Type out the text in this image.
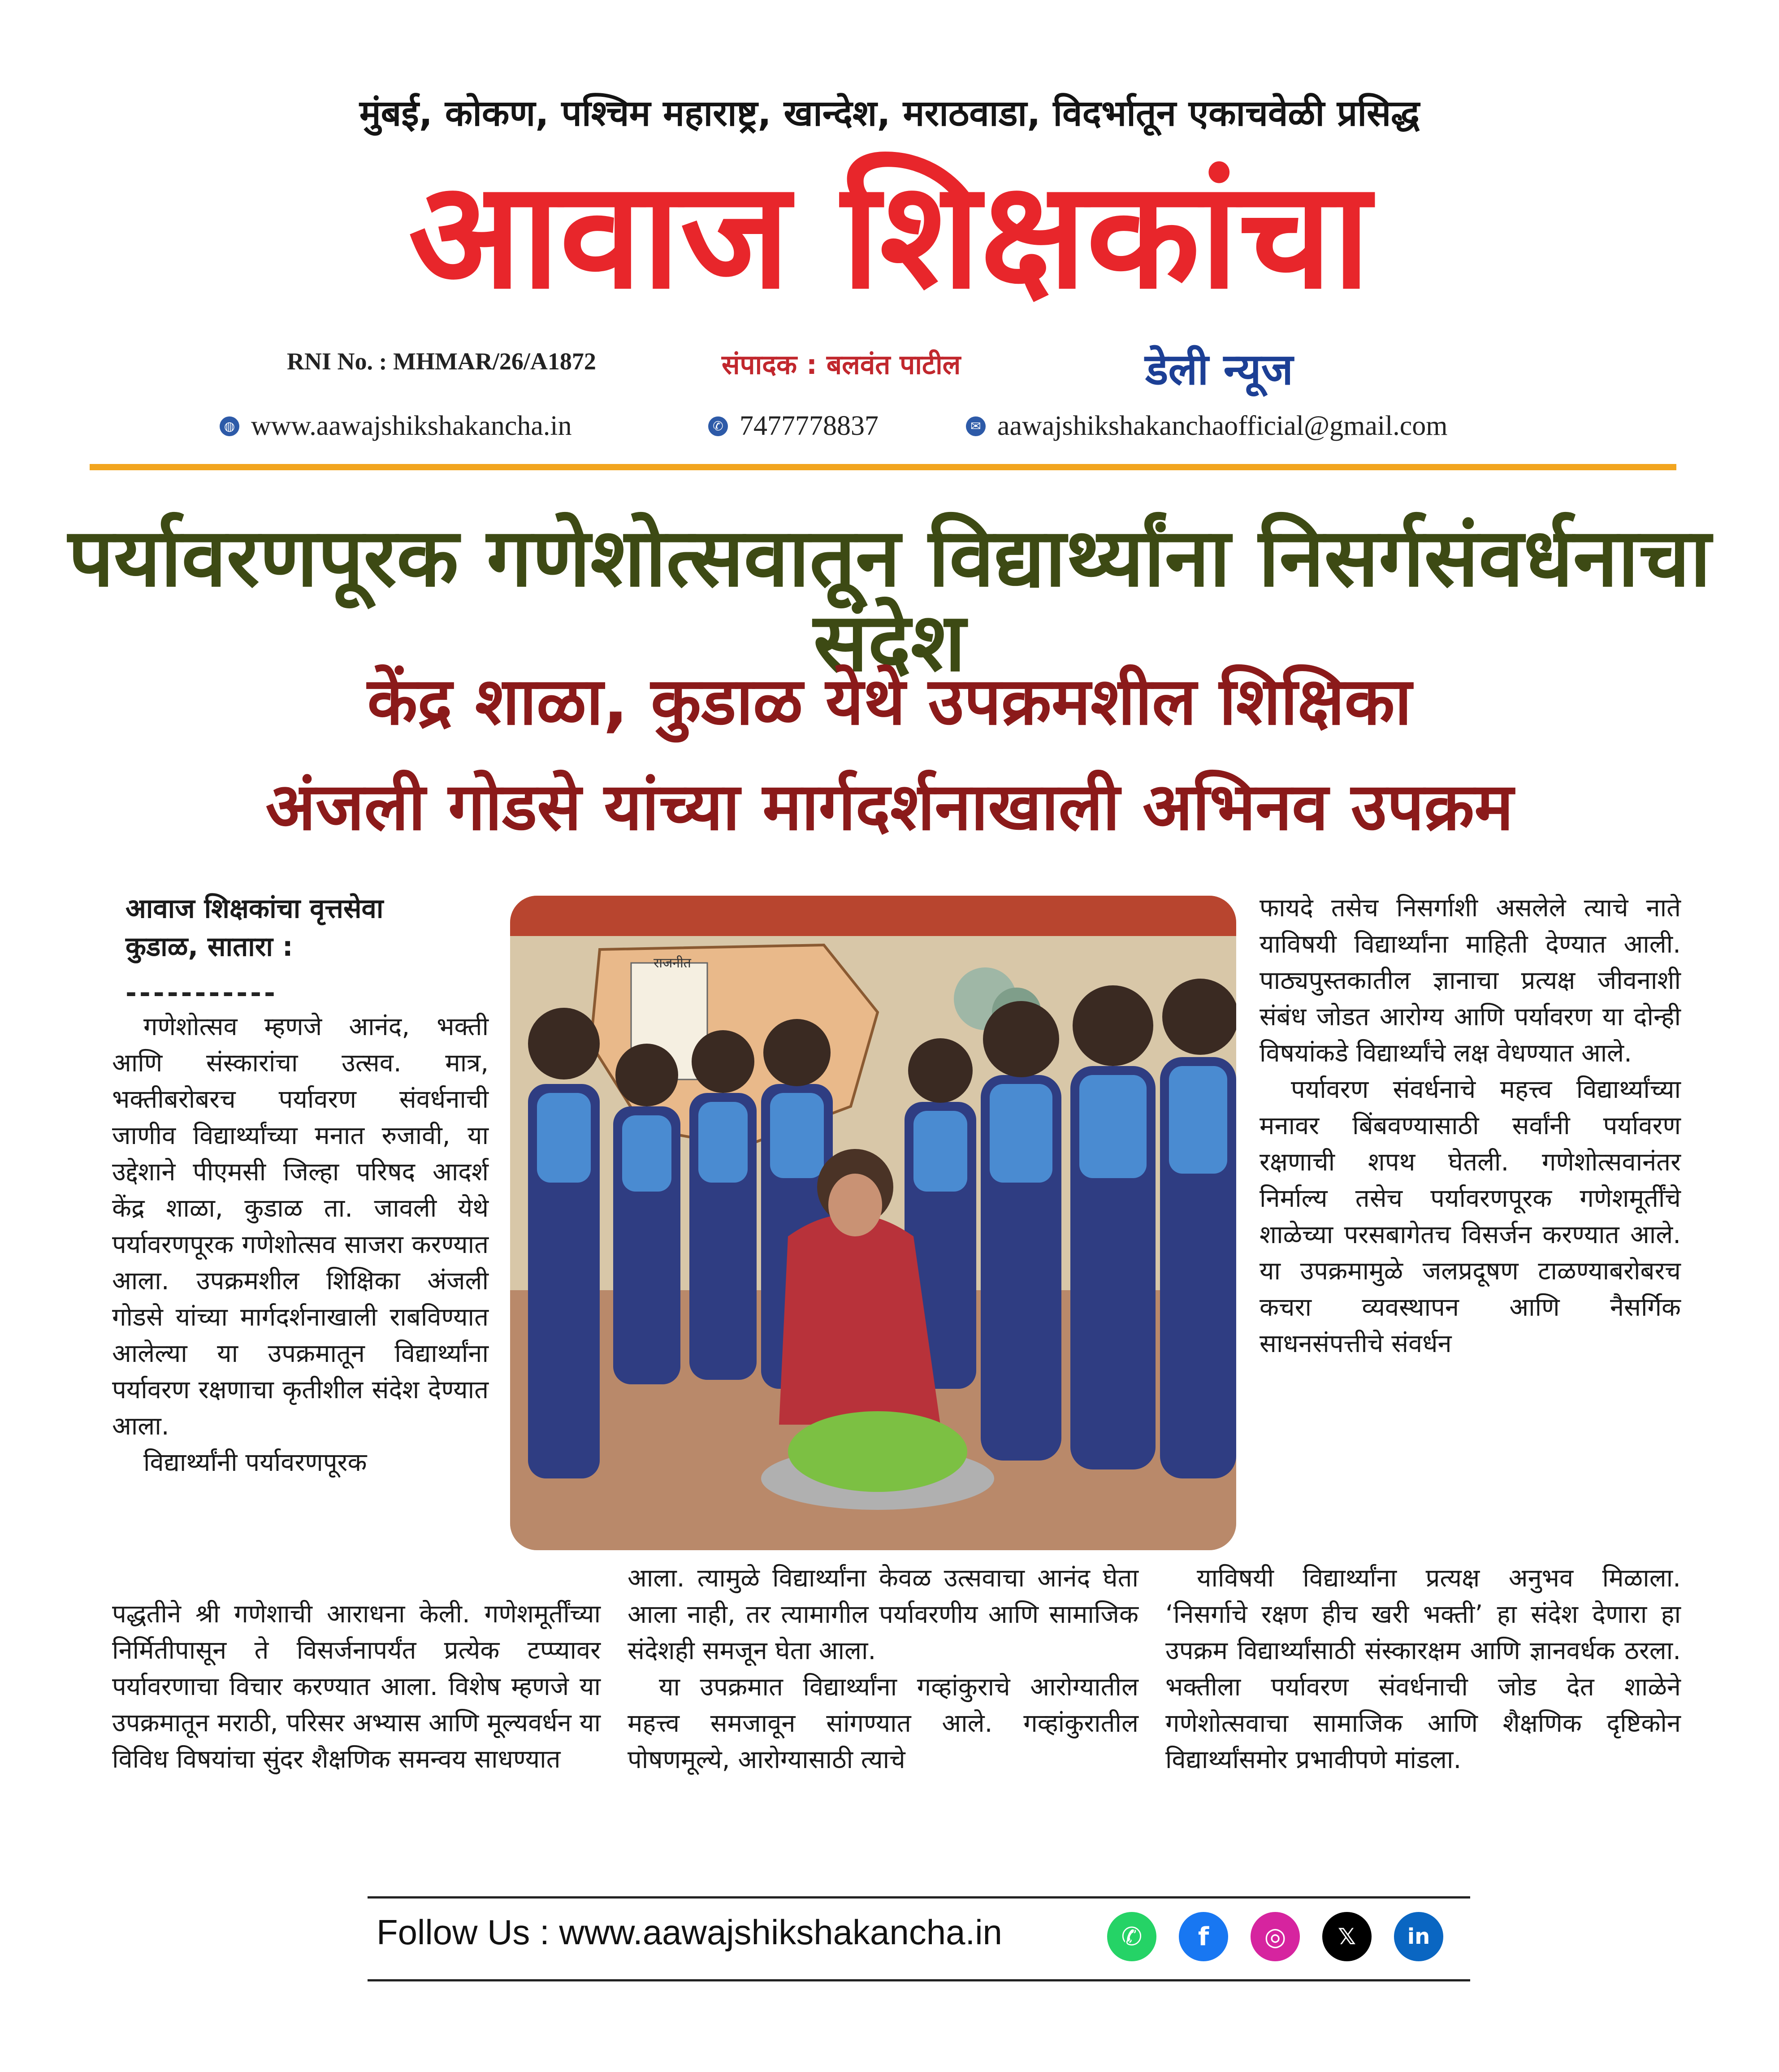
मुंबई, कोकण, पश्चिम महाराष्ट्र, खान्देश, मराठवाडा, विदर्भातून एकाचवेळी प्रसिद्ध
आवाज शिक्षकांचा
RNI No. : MHMAR/26/A1872	संपादक : बलवंत पाटील	डेली न्यूज
◍ www.aawajshikshakancha.in	✆ 7477778837	✉ aawajshikshakanchaofficial@gmail.com
पर्यावरणपूरक गणेशोत्सवातून विद्यार्थ्यांना निसर्गसंवर्धनाचा संदेश
केंद्र शाळा, कुडाळ येथे उपक्रमशील शिक्षिका
अंजली गोडसे यांच्या मार्गदर्शनाखाली अभिनव उपक्रम
आवाज शिक्षकांचा वृत्तसेवा
कुडाळ, सातारा :
-----------

गणेशोत्सव म्हणजे आनंद, भक्ती आणि संस्कारांचा उत्सव. मात्र, भक्तीबरोबरच पर्यावरण संवर्धनाची जाणीव विद्यार्थ्यांच्या मनात रुजावी, या उद्देशाने पीएमसी जिल्हा परिषद आदर्श केंद्र शाळा, कुडाळ ता. जावली येथे पर्यावरणपूरक गणेशोत्सव साजरा करण्यात आला. उपक्रमशील शिक्षिका अंजली गोडसे यांच्या मार्गदर्शनाखाली राबविण्यात आलेल्या या उपक्रमातून विद्यार्थ्यांना पर्यावरण रक्षणाचा कृतीशील संदेश देण्यात आला.

विद्यार्थ्यांनी पर्यावरणपूरक

पद्धतीने श्री गणेशाची आराधना केली. गणेशमूर्तींच्या निर्मितीपासून ते विसर्जनापर्यंत प्रत्येक टप्प्यावर पर्यावरणाचा विचार करण्यात आला. विशेष म्हणजे या उपक्रमातून मराठी, परिसर अभ्यास आणि मूल्यवर्धन या विविध विषयांचा सुंदर शैक्षणिक समन्वय साधण्यात

आला. त्यामुळे विद्यार्थ्यांना केवळ उत्सवाचा आनंद घेता आला नाही, तर त्यामागील पर्यावरणीय आणि सामाजिक संदेशही समजून घेता आला.

या उपक्रमात विद्यार्थ्यांना गव्हांकुराचे आरोग्यातील महत्त्व समजावून सांगण्यात आले. गव्हांकुरातील पोषणमूल्ये, आरोग्यासाठी त्याचे

फायदे तसेच निसर्गाशी असलेले त्याचे नाते याविषयी विद्यार्थ्यांना माहिती देण्यात आली. पाठ्यपुस्तकातील ज्ञानाचा प्रत्यक्ष जीवनाशी संबंध जोडत आरोग्य आणि पर्यावरण या दोन्ही विषयांकडे विद्यार्थ्यांचे लक्ष वेधण्यात आले.

पर्यावरण संवर्धनाचे महत्त्व विद्यार्थ्यांच्या मनावर बिंबवण्यासाठी सर्वांनी पर्यावरण रक्षणाची शपथ घेतली. गणेशोत्सवानंतर निर्माल्य तसेच पर्यावरणपूरक गणेशमूर्तींचे शाळेच्या परसबागेतच विसर्जन करण्यात आले. या उपक्रमामुळे जलप्रदूषण टाळण्याबरोबरच कचरा व्यवस्थापन आणि नैसर्गिक साधनसंपत्तीचे संवर्धन

याविषयी विद्यार्थ्यांना प्रत्यक्ष अनुभव मिळाला. ‘निसर्गाचे रक्षण हीच खरी भक्ती’ हा संदेश देणारा हा उपक्रम विद्यार्थ्यांसाठी संस्कारक्षम आणि ज्ञानवर्धक ठरला. भक्तीला पर्यावरण संवर्धनाची जोड देत शाळेने गणेशोत्सवाचा सामाजिक आणि शैक्षणिक दृष्टिकोन विद्यार्थ्यांसमोर प्रभावीपणे मांडला.

राजनीत
Follow Us : www.aawajshikshakancha.in	✆	f	◎	𝕏	in
